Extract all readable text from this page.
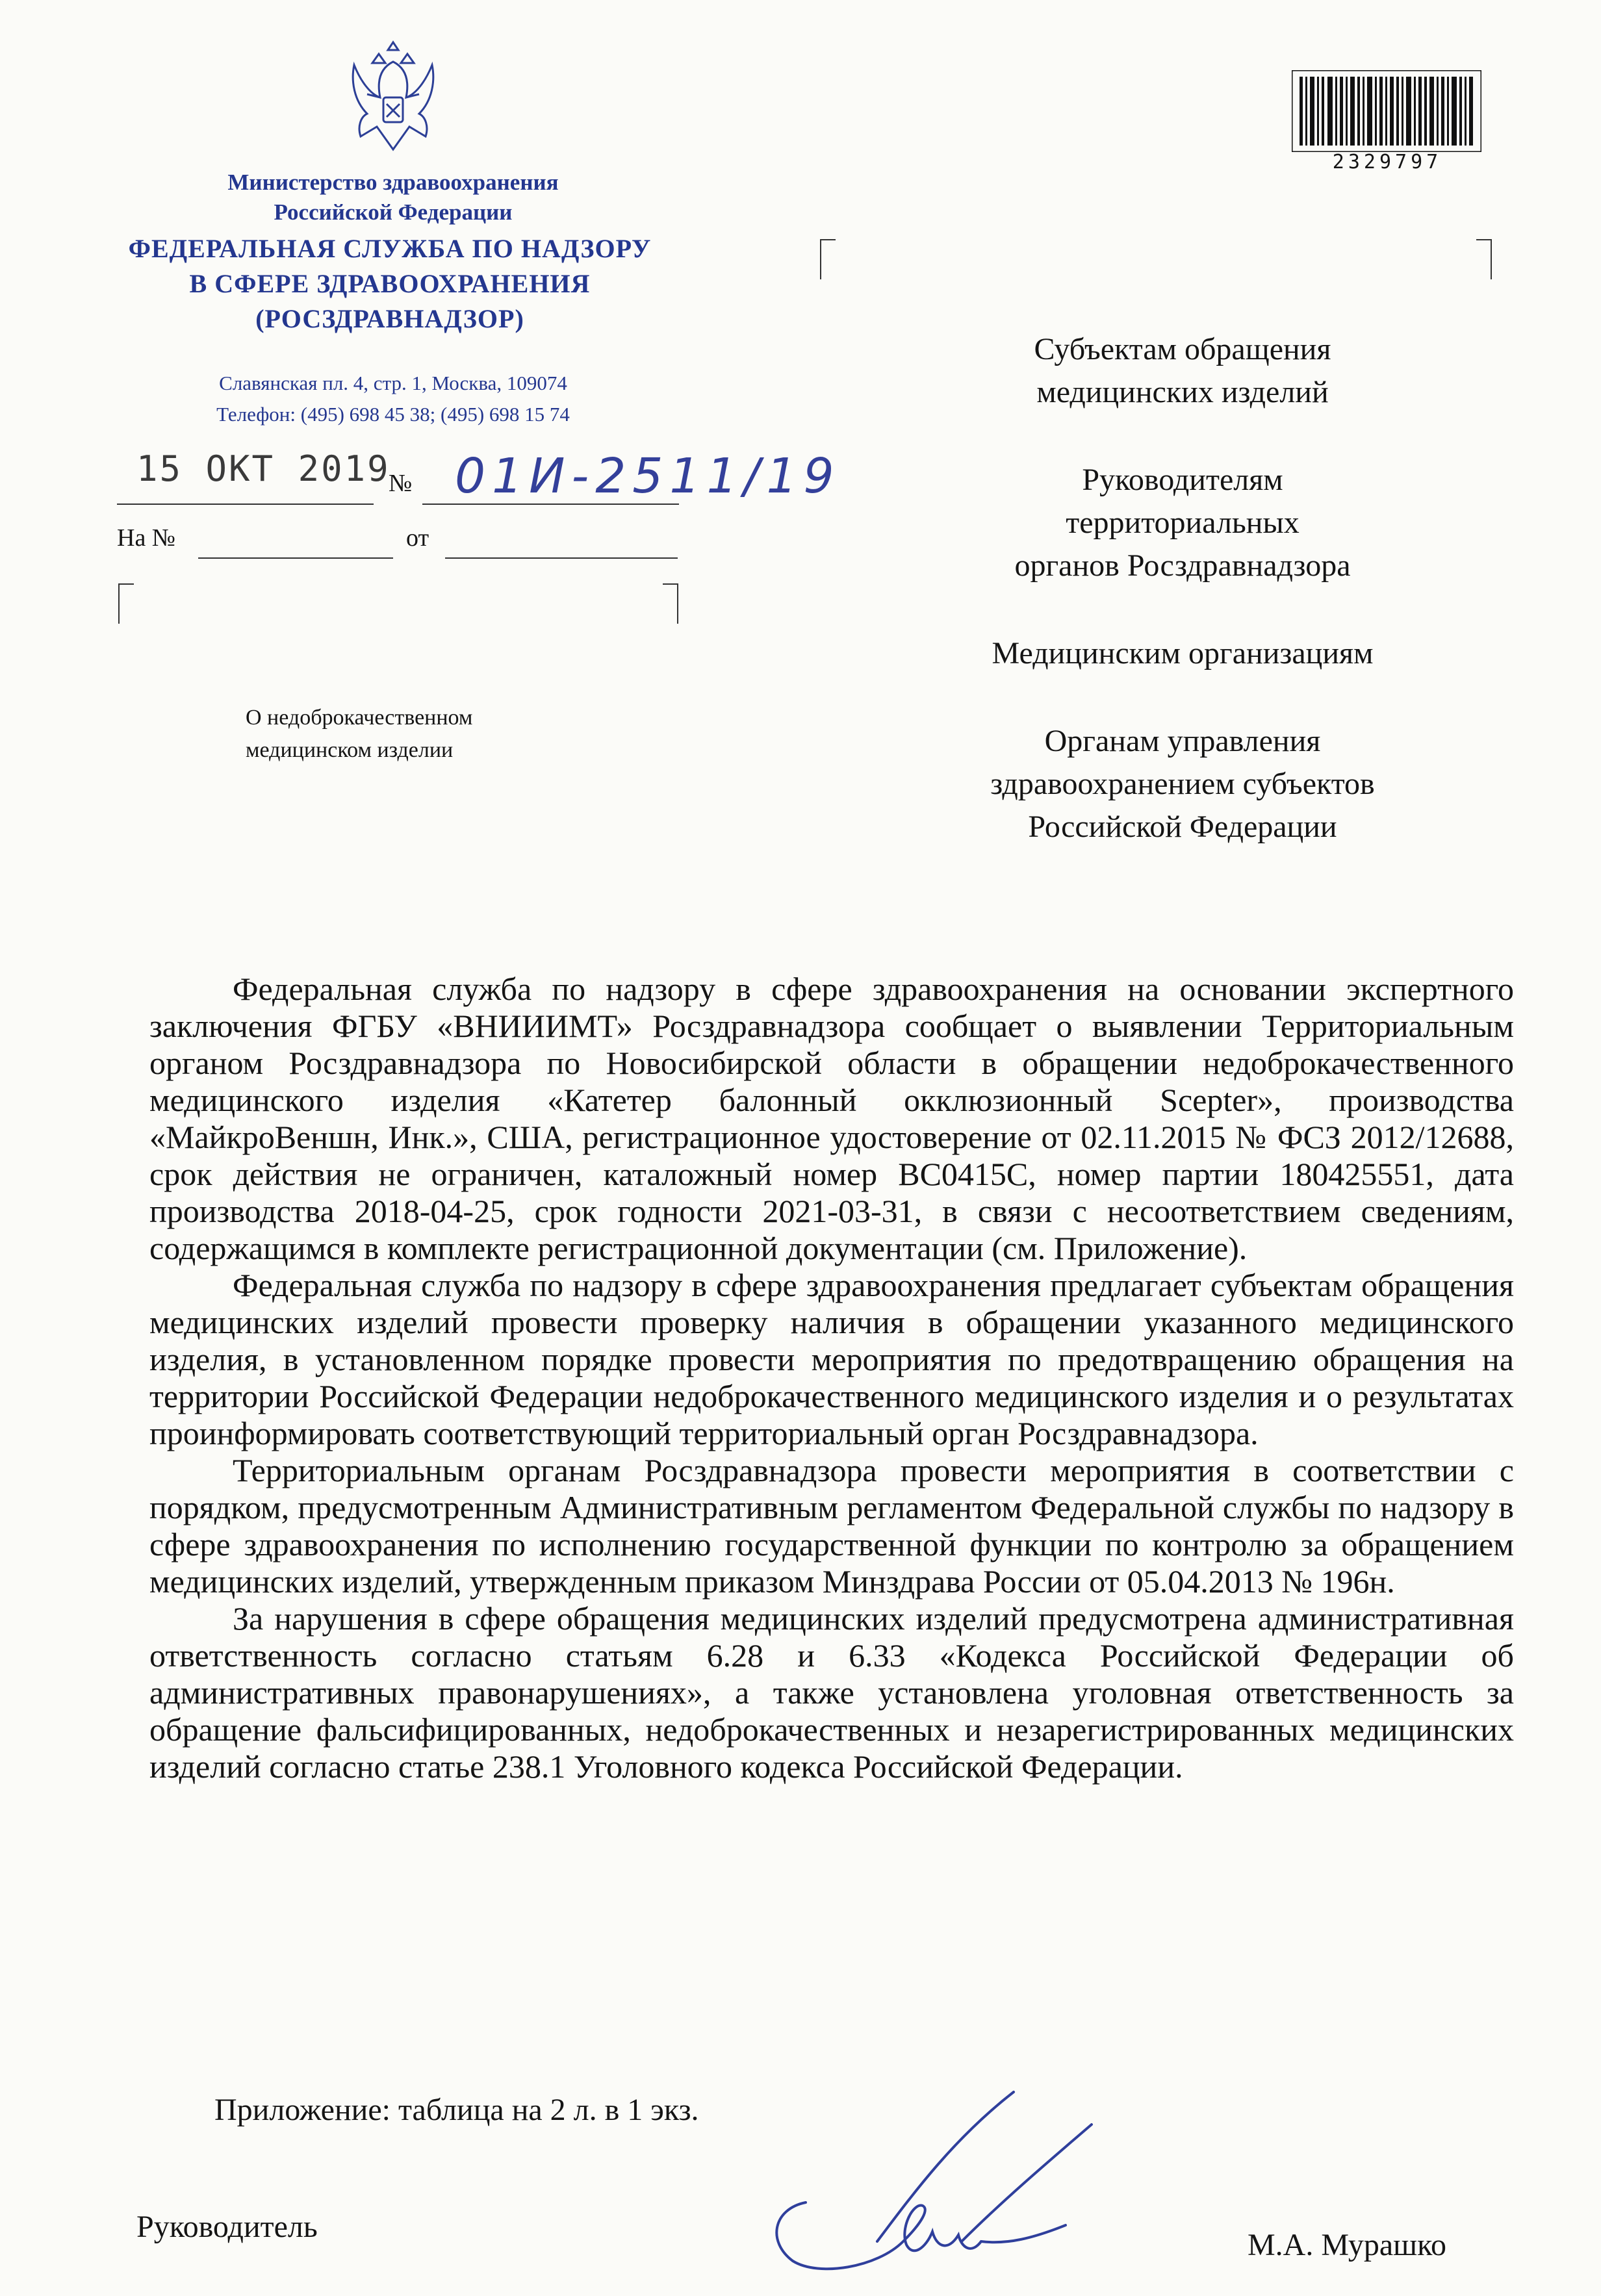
Министерство здравоохранения
Российской Федерации
ФЕДЕРАЛЬНАЯ СЛУЖБА ПО НАДЗОРУ
В СФЕРЕ ЗДРАВООХРАНЕНИЯ
(РОСЗДРАВНАДЗОР)
Славянская пл. 4, стр. 1, Москва, 109074
Телефон: (495) 698 45 38; (495) 698 15 74
15 ОКТ 2019
№ 01И-2511/19
На №	от
О недоброкачественном
медицинском изделии
2329797

Субъектам обращения
медицинских изделий

Руководителям
территориальных
органов Росздравнадзора

Медицинским организациям

Органам управления
здравоохранением субъектов
Российской Федерации

Федеральная служба по надзору в сфере здравоохранения на основании экспертного заключения ФГБУ «ВНИИИМТ» Росздравнадзора сообщает о выявлении Территориальным органом Росздравнадзора по Новосибирской области в обращении недоброкачественного медицинского изделия «Катетер балонный окклюзионный Scepter», производства «МайкроВеншн, Инк.», США, регистрационное удостоверение от 02.11.2015 № ФСЗ 2012/12688, срок действия не ограничен, каталожный номер BC0415C, номер партии 180425551, дата производства 2018-04-25, срок годности 2021-03-31, в связи с несоответствием сведениям, содержащимся в комплекте регистрационной документации (см. Приложение).

Федеральная служба по надзору в сфере здравоохранения предлагает субъектам обращения медицинских изделий провести проверку наличия в обращении указанного медицинского изделия, в установленном порядке провести мероприятия по предотвращению обращения на территории Российской Федерации недоброкачественного медицинского изделия и о результатах проинформировать соответствующий территориальный орган Росздравнадзора.

Территориальным органам Росздравнадзора провести мероприятия в соответствии с порядком, предусмотренным Административным регламентом Федеральной службы по надзору в сфере здравоохранения по исполнению государственной функции по контролю за обращением медицинских изделий, утвержденным приказом Минздрава России от 05.04.2013 № 196н.

За нарушения в сфере обращения медицинских изделий предусмотрена административная ответственность согласно статьям 6.28 и 6.33 «Кодекса Российской Федерации об административных правонарушениях», а также установлена уголовная ответственность за обращение фальсифицированных, недоброкачественных и незарегистрированных медицинских изделий согласно статье 238.1 Уголовного кодекса Российской Федерации.

Приложение: таблица на 2 л. в 1 экз.
Руководитель
М.А. Мурашко
